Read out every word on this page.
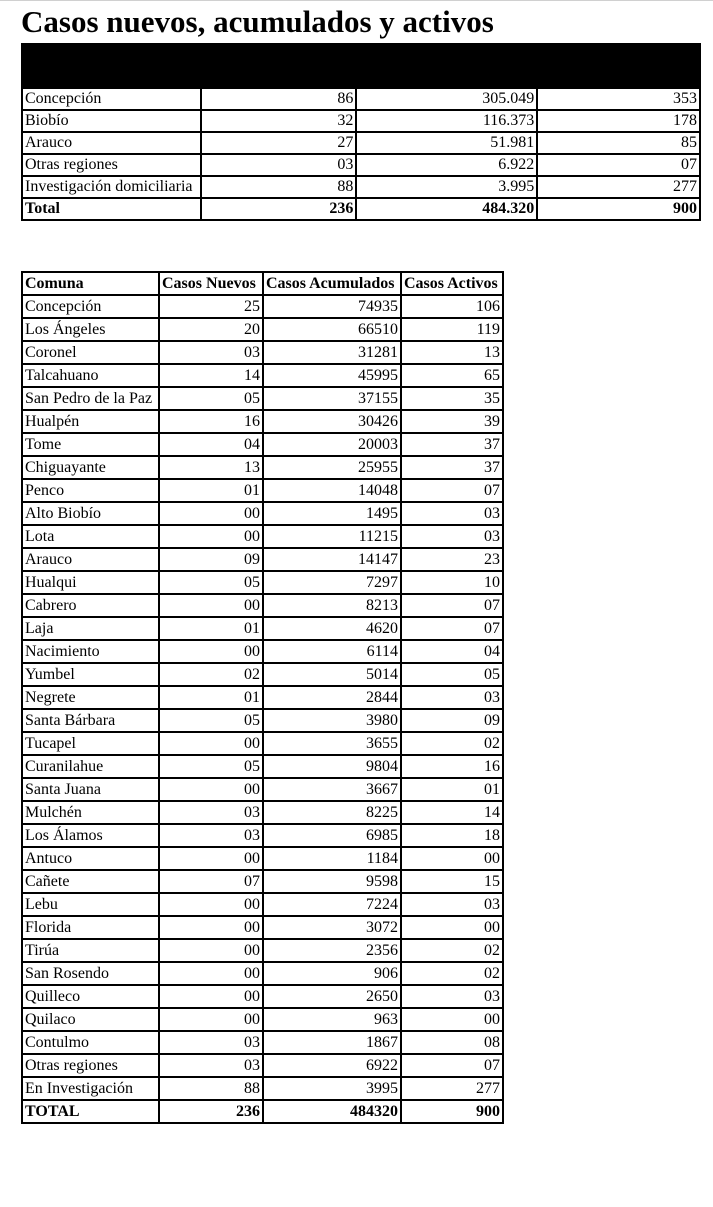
Casos nuevos, acumulados y activos

Concepción	86	305.049	353
Biobío	32	116.373	178
Arauco	27	51.981	85
Otras regiones	03	6.922	07
Investigación domiciliaria	88	3.995	277
Total	236	484.320	900
Comuna	Casos Nuevos	Casos Acumulados	Casos Activos
Concepción	25	74935	106
Los Ángeles	20	66510	119
Coronel	03	31281	13
Talcahuano	14	45995	65
San Pedro de la Paz	05	37155	35
Hualpén	16	30426	39
Tome	04	20003	37
Chiguayante	13	25955	37
Penco	01	14048	07
Alto Biobío	00	1495	03
Lota	00	11215	03
Arauco	09	14147	23
Hualqui	05	7297	10
Cabrero	00	8213	07
Laja	01	4620	07
Nacimiento	00	6114	04
Yumbel	02	5014	05
Negrete	01	2844	03
Santa Bárbara	05	3980	09
Tucapel	00	3655	02
Curanilahue	05	9804	16
Santa Juana	00	3667	01
Mulchén	03	8225	14
Los Álamos	03	6985	18
Antuco	00	1184	00
Cañete	07	9598	15
Lebu	00	7224	03
Florida	00	3072	00
Tirúa	00	2356	02
San Rosendo	00	906	02
Quilleco	00	2650	03
Quilaco	00	963	00
Contulmo	03	1867	08
Otras regiones	03	6922	07
En Investigación	88	3995	277
TOTAL	236	484320	900
